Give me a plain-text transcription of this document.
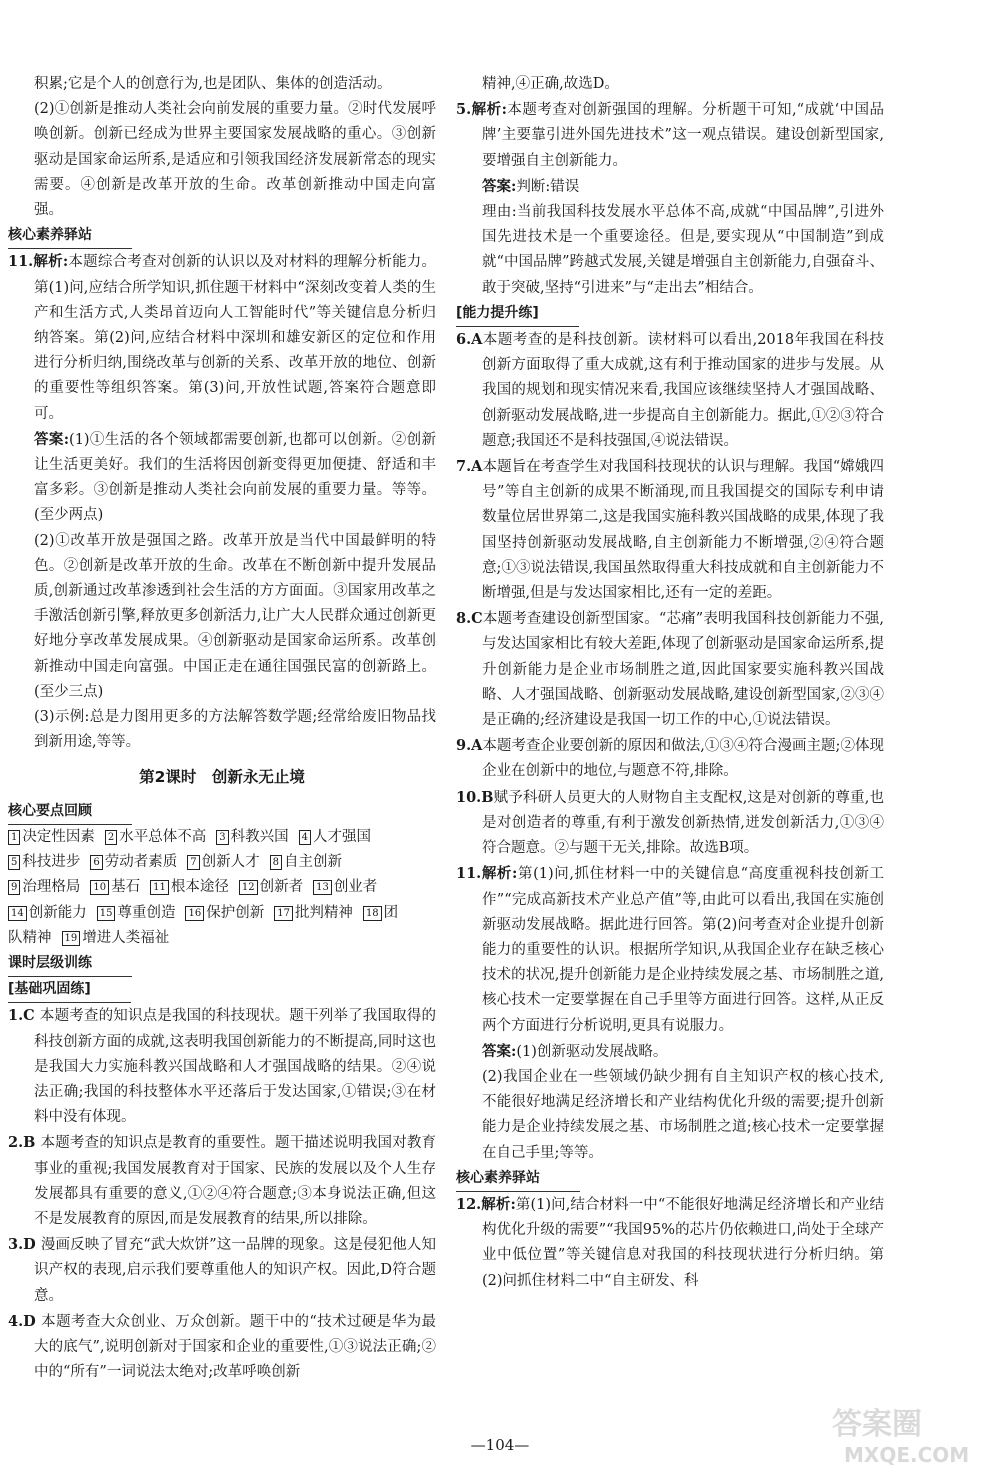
积累;它是个人的创意行为,也是团队、集体的创造活动。

(2)①创新是推动人类社会向前发展的重要力量。②时代发展呼唤创新。创新已经成为世界主要国家发展战略的重心。③创新驱动是国家命运所系,是适应和引领我国经济发展新常态的现实需要。④创新是改革开放的生命。改革创新推动中国走向富强。

核心素养驿站

11.解析:本题综合考查对创新的认识以及对材料的理解分析能力。第(1)问,应结合所学知识,抓住题干材料中“深刻改变着人类的生产和生活方式,人类昂首迈向人工智能时代”等关键信息分析归纳答案。第(2)问,应结合材料中深圳和雄安新区的定位和作用进行分析归纳,围绕改革与创新的关系、改革开放的地位、创新的重要性等组织答案。第(3)问,开放性试题,答案符合题意即可。

答案:(1)①生活的各个领域都需要创新,也都可以创新。②创新让生活更美好。我们的生活将因创新变得更加便捷、舒适和丰富多彩。③创新是推动人类社会向前发展的重要力量。等等。(至少两点)

(2)①改革开放是强国之路。改革开放是当代中国最鲜明的特色。②创新是改革开放的生命。改革在不断创新中提升发展品质,创新通过改革渗透到社会生活的方方面面。③国家用改革之手激活创新引擎,释放更多创新活力,让广大人民群众通过创新更好地分享改革发展成果。④创新驱动是国家命运所系。改革创新推动中国走向富强。中国正走在通往国强民富的创新路上。(至少三点)

(3)示例:总是力图用更多的方法解答数学题;经常给废旧物品找到新用途,等等。

第2课时　创新永无止境

核心要点回顾

1 决定性因素 2 水平总体不高 3 科教兴国 4 人才强国

5 科技进步 6 劳动者素质 7 创新人才 8 自主创新

9 治理格局 10 基石 11 根本途径 12 创新者 13 创业者

14 创新能力 15 尊重创造 16 保护创新 17 批判精神 18 团

队精神 19 增进人类福祉

课时层级训练

[基础巩固练]

1.C 本题考查的知识点是我国的科技现状。题干列举了我国取得的科技创新方面的成就,这表明我国创新能力的不断提高,同时这也是我国大力实施科教兴国战略和人才强国战略的结果。②④说法正确;我国的科技整体水平还落后于发达国家,①错误;③在材料中没有体现。

2.B 本题考查的知识点是教育的重要性。题干描述说明我国对教育事业的重视;我国发展教育对于国家、民族的发展以及个人生存发展都具有重要的意义,①②④符合题意;③本身说法正确,但这不是发展教育的原因,而是发展教育的结果,所以排除。

3.D 漫画反映了冒充“武大炊饼”这一品牌的现象。这是侵犯他人知识产权的表现,启示我们要尊重他人的知识产权。因此,D符合题意。

4.D 本题考查大众创业、万众创新。题干中的“技术过硬是华为最大的底气”,说明创新对于国家和企业的重要性,①③说法正确;②中的“所有”一词说法太绝对;改革呼唤创新

精神,④正确,故选D。

5.解析:本题考查对创新强国的理解。分析题干可知,“成就‘中国品牌’主要靠引进外国先进技术”这一观点错误。建设创新型国家,要增强自主创新能力。

答案:判断:错误

理由:当前我国科技发展水平总体不高,成就“中国品牌”,引进外国先进技术是一个重要途径。但是,要实现从“中国制造”到成就“中国品牌”跨越式发展,关键是增强自主创新能力,自强奋斗、敢于突破,坚持“引进来”与“走出去”相结合。

[能力提升练]

6.A本题考查的是科技创新。读材料可以看出,2018年我国在科技创新方面取得了重大成就,这有利于推动国家的进步与发展。从我国的规划和现实情况来看,我国应该继续坚持人才强国战略、创新驱动发展战略,进一步提高自主创新能力。据此,①②③符合题意;我国还不是科技强国,④说法错误。

7.A本题旨在考查学生对我国科技现状的认识与理解。我国“嫦娥四号”等自主创新的成果不断涌现,而且我国提交的国际专利申请数量位居世界第二,这是我国实施科教兴国战略的成果,体现了我国坚持创新驱动发展战略,自主创新能力不断增强,②④符合题意;①③说法错误,我国虽然取得重大科技成就和自主创新能力不断增强,但是与发达国家相比,还有一定的差距。

8.C本题考查建设创新型国家。“芯痛”表明我国科技创新能力不强,与发达国家相比有较大差距,体现了创新驱动是国家命运所系,提升创新能力是企业市场制胜之道,因此国家要实施科教兴国战略、人才强国战略、创新驱动发展战略,建设创新型国家,②③④是正确的;经济建设是我国一切工作的中心,①说法错误。

9.A本题考查企业要创新的原因和做法,①③④符合漫画主题;②体现企业在创新中的地位,与题意不符,排除。

10.B赋予科研人员更大的人财物自主支配权,这是对创新的尊重,也是对创造者的尊重,有利于激发创新热情,迸发创新活力,①③④符合题意。②与题干无关,排除。故选B项。

11.解析:第(1)问,抓住材料一中的关键信息“高度重视科技创新工作”“完成高新技术产业总产值”等,由此可以看出,我国在实施创新驱动发展战略。据此进行回答。第(2)问考查对企业提升创新能力的重要性的认识。根据所学知识,从我国企业存在缺乏核心技术的状况,提升创新能力是企业持续发展之基、市场制胜之道,核心技术一定要掌握在自己手里等方面进行回答。这样,从正反两个方面进行分析说明,更具有说服力。

答案:(1)创新驱动发展战略。

(2)我国企业在一些领域仍缺少拥有自主知识产权的核心技术,不能很好地满足经济增长和产业结构优化升级的需要;提升创新能力是企业持续发展之基、市场制胜之道;核心技术一定要掌握在自己手里;等等。

核心素养驿站

12.解析:第(1)问,结合材料一中“不能很好地满足经济增长和产业结构优化升级的需要”“我国95%的芯片仍依赖进口,尚处于全球产业中低位置”等关键信息对我国的科技现状进行分析归纳。第(2)问抓住材料二中“自主研发、科

—104—
答案圈
MXQE.COM
